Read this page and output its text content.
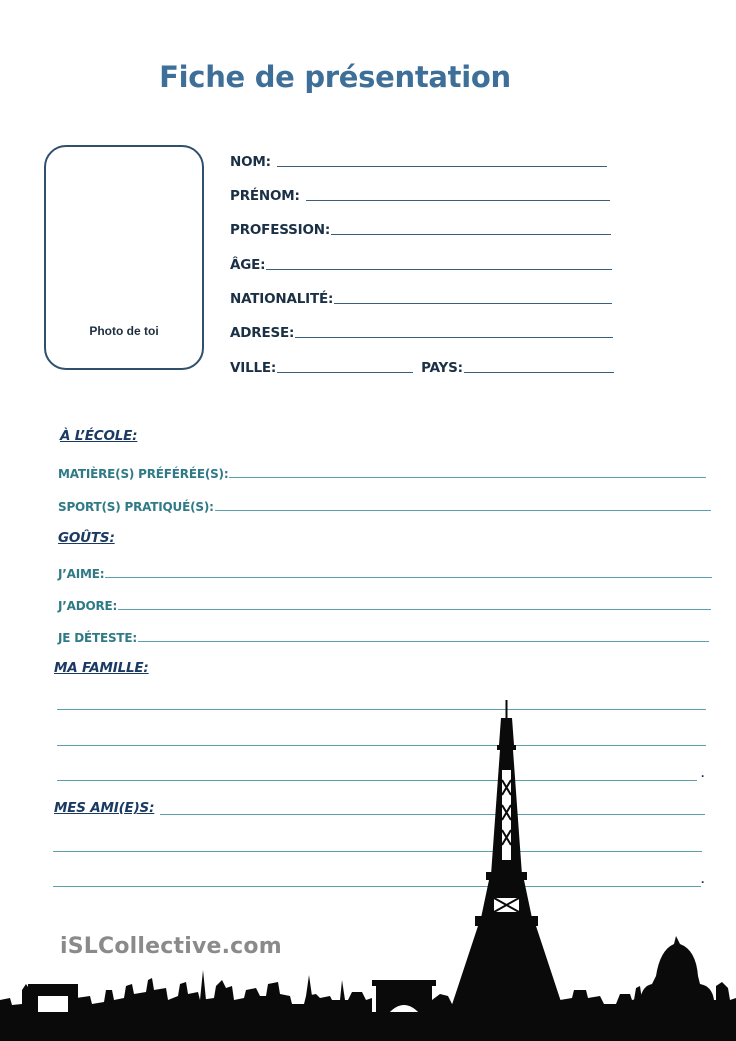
Fiche de présentation
Photo de toi
NOM:
PRÉNOM:
PROFESSION:
ÂGE:
NATIONALITÉ:
ADRESE:
VILLE:	PAYS:
À L’ÉCOLE:
MATIÈRE(S) PRÉFÉRÉE(S):
SPORT(S) PRATIQUÉ(S):
GOÛTS:
J’AIME:
J’ADORE:
JE DÉTESTE:
MA FAMILLE:
.
MES AMI(E)S:
.
iSLCollective.com
